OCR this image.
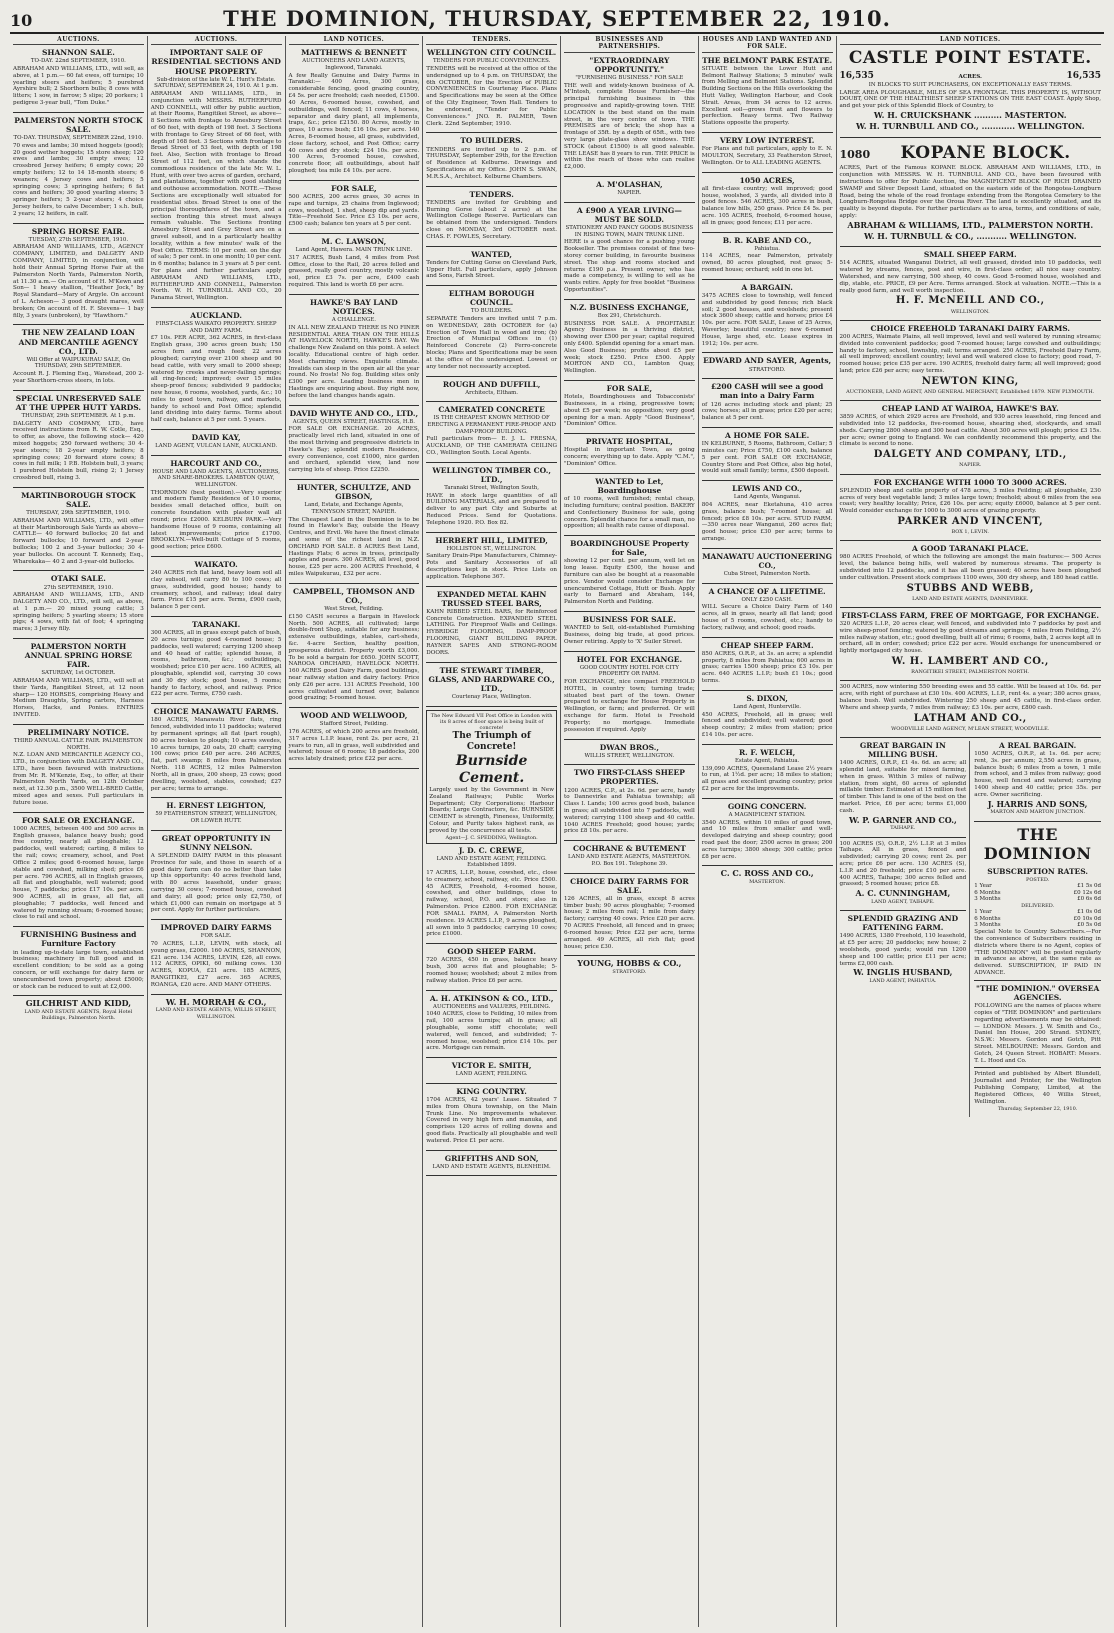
10	THE DOMINION, THURSDAY, SEPTEMBER 22, 1910.
AUCTIONS.
SHANNON SALE.
TO-DAY. 22nd SEPTEMBER, 1910.
ABRAHAM AND WILLIAMS, LTD., will sell, as above, at 1 p.m.— 60 fat ewes, off turnips; 10 yearling steers and heifers; 5 purebred Ayrshire bull; 2 Shorthorn bulls; 8 cows with litters; 1 sow, in farrow; 5 slips; 20 porkers; 1 pedigree 3-year bull, "Tom Duke."
PALMERSTON NORTH STOCK SALE.
TO-DAY. THURSDAY, SEPTEMBER 22nd, 1910.
70 ewes and lambs; 30 mixed hoggets (good); 20 good wether hoggets; 15 store sheep; 120 ewes and lambs; 30 empty ewes; 12 crossbred Jersey heifers; 6 empty cows; 20 empty heifers; 12 to 14 18-month steers; 6 weaners; 4 Jersey cows and heifers; 5 springing cows; 3 springing heifers; 6 fat cows and heifers; 30 good yearling steers; 5 springer heifers; 5 2-year steers; 4 choice Jersey heifers, to calve December; 1 s.h. bull, 2 years; 12 heifers, in calf.
SPRING HORSE FAIR.
TUESDAY, 27th SEPTEMBER, 1910.
ABRAHAM AND WILLIAMS, LTD., AGENCY COMPANY, LIMITED, and DALGETY AND COMPANY, LIMITED, in conjunction, will hold their Annual Spring Horse Fair at the Palmerston North Yards, Palmerston North, at 11.30 a.m.— On account of H. M'Kewn and Son— 1 heavy stallion, "Heather Jock," by Royal Standard—Mary of Argyle. On account of L. Acheson— 3 good draught mares, well broken; On account of H. F. Stevens— 1 bay filly, 3 years (unbroken), by "Hawthorn."
THE NEW ZEALAND LOAN AND MERCANTILE AGENCY CO., LTD.
Will Offer at WAIPUKURAU SALE, On THURSDAY, 29th SEPTEMBER.
Account R. J. Fleming Esq., Wanstead, 200 2-year Shorthorn-cross steers, in lots.
SPECIAL UNRESERVED SALE AT THE UPPER HUTT YARDS.
THURSDAY, 29th SEPTEMBER. At 1 p.m.
DALGETY AND COMPANY, LTD., have received instructions from R. W. Cotle, Esq., to offer, as above, the following stock— 420 mixed hoggets; 250 forward wethers; 30 4-year steers; 18 2-year empty heifers; 8 springing cows; 20 forward store cows; 8 cows in full milk; 1 P.B. Holstein bull, 3 years; 1 purebred Holstein bull, rising 2; 1 Jersey crossbred bull, rising 3.
MARTINBOROUGH STOCK SALE.
THURSDAY, 29th SEPTEMBER, 1910.
ABRAHAM AND WILLIAMS, LTD., will offer at their Martinborough Sale Yards as above— CATTLE— 40 forward bullocks; 20 fat and forward bullocks; 10 forward and 2-year bullocks; 100 2 and 3-year bullocks; 30 4-year bullocks. On account T. Kennedy, Esq., Wharekaka— 40 2 and 3-year-old bullocks.
OTAKI SALE.
27th SEPTEMBER, 1910.
ABRAHAM AND WILLIAMS, LTD., AND DALGETY AND CO., LTD., will sell, as above, at 1 p.m.— 20 mixed young cattle; 3 springing heifers; 5 yearling steers; 15 store pigs; 4 sows, with fat of foot; 4 springing mares; 3 Jersey filly.
PALMERSTON NORTH ANNUAL SPRING HORSE FAIR.
SATURDAY, 1st OCTOBER.
ABRAHAM AND WILLIAMS, LTD., will sell at their Yards, Rangitikei Street, at 12 noon sharp— 120 HORSES, comprising Heavy and Medium Draughts, Spring carters, Harness Horses, Hacks, and Ponies. ENTRIES INVITED.
PRELIMINARY NOTICE.
THIRD ANNUAL CATTLE FAIR. PALMERSTON NORTH.
N.Z. LOAN AND MERCANTILE AGENCY CO., LTD., in conjunction with DALGETY AND CO., LTD., have been favoured with instructions from Mr. R. M'Kenzie, Esq., to offer, at their Palmerston North Yards, on 12th October next, at 12.30 p.m., 3500 WELL-BRED Cattle, mixed ages and sexes. Full particulars in future issue.
FOR SALE OR EXCHANGE.
1000 ACRES, between 400 and 500 acres in English grasses, balance heavy bush; good free country, nearly all ploughable; 12 paddocks, well watered; carting, 8 miles to the rail; cows; creamery, school, and Post Office 2 miles; good 6-roomed house, large stable and cowshed, milking shed; price £6 per acre. 796 ACRES, all in English grasses, all flat and ploughable, well watered; good house, 7 paddocks; price £17 10s. per acre. 900 ACRES, all in grass, all flat, all ploughable; 7 paddocks, well fenced and watered by running stream; 6-roomed house; close to rail and school.
FURNISHING Business and Furniture Factory
in leading up-to-date large town, established business; machinery in full good and in excellent condition; to be sold as a going concern, or will exchange for dairy farm or unencumbered town property; about £5000; or stock can be reduced to suit at £2,000.
GILCHRIST AND KIDD,
LAND AND ESTATE AGENTS, Royal Hotel Buildings, Palmerston North.
AUCTIONS.
IMPORTANT SALE OF RESIDENTIAL SECTIONS AND HOUSE PROPERTY.
Sub-division of the late W. L. Hunt's Estate. SATURDAY, SEPTEMBER 24, 1910. At 1 p.m.
ABRAHAM AND WILLIAMS, LTD., in conjunction with MESSRS. RUTHERFURD AND CONNELL, will offer by public auction, at their Rooms, Rangitikei Street, as above— 8 Sections with frontage to Amesbury Street of 60 feet, with depth of 198 feet. 3 Sections with frontage to Grey Street of 66 feet, with depth of 168 feet. 3 Sections with frontage to Broad Street of 53 feet, with depth of 198 feet. Also, Section with frontage to Broad Street of 112 feet, on which stands the commodious residence of the late Mr. W. L. Hunt, with over two acres of garden, orchard, and plantations, together with good stabling and outhouse accommodation. NOTE.—These Sections are exceptionally well situated for residential sites. Broad Street is one of the principal thoroughfares of the town, and a section fronting this street must always remain valuable. The Sections fronting Amesbury Street and Grey Street are on a gravel subsoil, and in a particularly healthy locality, within a few minutes' walk of the Post Office. TERMS: 10 per cent. on the day of sale; 5 per cent. in one month; 10 per cent. in 6 months; balance in 3 years at 5 per cent. For plans and further particulars apply ABRAHAM AND WILLIAMS, LTD., RUTHERFURD AND CONNELL, Palmerston North. W. H. TURNBULL AND CO., 20 Panama Street, Wellington.
AUCKLAND.
FIRST-CLASS WAIKATO PROPERTY. SHEEP AND DAIRY FARM.
£7 10s. PER ACRE, 362 ACRES, in first-class English grass, 390 acres green bush; 150 acres fern and rough feed; 22 acres ploughed; carrying over 2100 sheep and 90 head cattle, with very small to 2000 sheep; watered by creeks and never-failing springs; all ring-fenced; improved; over 15 miles sheep-proof fences; subdivided 9 paddocks; new house, 6 rooms, woolshed, yards, &c.; 10 miles to good town, railway, and markets, handy to school and Post Office; splendid land dividing into dairy farms. Terms about half cash, balance at 5 per cent. 5 years.
DAVID KAY,
LAND AGENT, VULCAN LANE, AUCKLAND.
HARCOURT AND CO.,
HOUSE AND LAND AGENTS, AUCTIONEERS, AND SHARE-BROKERS. LAMBTON QUAY, WELLINGTON.
THORNDON (best position).—Very superior and modern Family Residence of 10 rooms, besides small detached office, built on concrete foundation with plaster wall all round; price £2000. KELBURN PARK.—Very handsome House of 9 rooms, containing all latest improvements; price £1700. BROOKLYN.—Well-built Cottage of 5 rooms, good section; price £600.
WAIKATO.
240 ACRES rich flat land, heavy loam soil all clay subsoil, will carry 80 to 100 cows; all grass, subdivided, good house; handy to creamery, school, and railway; ideal dairy farm. Price £15 per acre. Terms, £900 cash, balance 5 per cent.
TARANAKI.
300 ACRES, all in grass except patch of bush, 20 acres turnips; good 4-roomed house; 5 paddocks, well watered; carrying 1200 sheep and 40 head of cattle; splendid house, 8 rooms, bathroom, &c.; outbuildings, woolshed; price £10 per acre. 160 ACRES, all ploughable, splendid soil, carrying 30 cows and 30 dry stock; good house, 5 rooms; handy to factory, school, and railway. Price £22 per acre. Terms, £750 cash.
CHOICE MANAWATU FARMS.
180 ACRES, Manawatu River flats, ring fenced, subdivided into 11 paddocks; watered by permanent springs; all flat (part rough), 80 acres broken to plough; 10 acres swedes, 10 acres turnips, 20 oats, 20 chaff; carrying 100 cows; price £40 per acre. 246 ACRES, flat, part swamp; 8 miles from Palmerston North. 118 ACRES, 12 miles Palmerston North, all in grass, 200 sheep, 25 cows; good dwelling, woolshed, stables, cowshed; £27 per acre; terms to arrange.
H. ERNEST LEIGHTON,
59 FEATHERSTON STREET, WELLINGTON, OR LOWER HUTT.
GREAT OPPORTUNITY IN SUNNY NELSON.
A SPLENDID DAIRY FARM in this pleasant Province for sale, and those in search of a good dairy farm can do no better than take up this opportunity: 40 acres freehold land, with 80 acres leasehold, under grass; carrying 30 cows; 7-roomed house, cowshed and dairy; all good; price only £2,750, of which £1,000 can remain on mortgage at 5 per cent. Apply for further particulars.
IMPROVED DAIRY FARMS
FOR SALE.
70 ACRES, L.I.P., LEVIN, with stock, all young grass, £2000. 160 ACRES, SHANNON, £21 acre. 134 ACRES, LEVIN, £26, all cows. 112 ACRES, OPIKI, 60 milking cows. 130 ACRES, KOPUA, £21 acre. 185 ACRES, RANGITIKEI, £27 acre. 365 ACRES, ROANGA, £20 acre. AND MANY OTHERS.
W. H. MORRAH & CO.,
LAND AND ESTATE AGENTS, WILLIS STREET, WELLINGTON.
LAND NOTICES.
MATTHEWS & BENNETT
AUCTIONEERS AND LAND AGENTS, Inglewood, Taranaki.
A few Really Genuine and Dairy Farms in Taranaki:— 400 Acres, 300 grass, considerable fencing, good grazing country, £4 5s. per acre freehold; cash needed, £1500. 40 Acres, 6-roomed house, cowshed, and outbuildings, well fenced; 11 cows, 4 horses, separator and dairy plant, all implements, traps, &c.; price £2150. 80 Acres, mostly in grass, 10 acres bush; £16 10s. per acre. 140 Acres, 8-roomed house, all grass, subdivided, close factory, school, and Post Office; carry 40 cows and dry stock; £24 10s. per acre. 100 Acres, 5-roomed house, cowshed, concrete floor, all outbuildings, about half ploughed; tea mile £4 10s. per acre.
FOR SALE,
500 ACRES, 200 acres grass, 30 acres in rape and turnips, 25 chains from Inglewood; cows, woolshed, 1 shed, sheep dip and yards. Title—Freehold Sec. Price £3 10s. per acre, £500 cash; balance ten years at 5 per cent.
M. C. LAWSON,
Land Agent, Hawera. MAIN TRUNK LINE.
317 ACRES, Bush Land, 4 miles from Post Office, close to the Rail, 20 acres felled and grassed, really good country, mostly volcanic soil, price £3 7s. per acre, £400 cash required. This land is worth £6 per acre.
HAWKE'S BAY LAND NOTICES.
A CHALLENGE.
IN ALL NEW ZEALAND THERE IS NO FINER RESIDENTIAL AREA THAN ON THE HILLS AT HAVELOCK NORTH, HAWKE'S BAY. We challenge New Zealand on this point. A select locality. Educational centre of high order. Most charming views. Exquisite climate. Invalids can sleep in the open air all the year round. No frosts! No fog. Building sites only £300 per acre. Leading business men in Hastings are enquiring about. Buy right now, before the land changes hands again.
DAVID WHYTE AND CO., LTD.,
AGENTS, QUEEN STREET, HASTINGS, H.B.
FOR SALE OR EXCHANGE. 20 ACRES, practically level rich land, situated in one of the most thriving and progressive districts in Hawke's Bay; splendid modern Residence, every convenience, cost £1000, nice garden and orchard, splendid view, land now carrying lots of sheep. Price £2250.
HUNTER, SCHULTZE, AND GIBSON,
Land, Estate, and Exchange Agents, TENNYSON STREET, NAPIER.
The Cheapest Land in the Dominion is to be found in Hawke's Bay, outside the Heavy Centres, and Ervil. We have the finest climate and some of the richest land in N.Z. ORCHARD FOR SALE. 8 ACRES Best Land, Hastings Flats; 6 acres in trees, principally apples and pears. 300 ACRES, all level, good house, £25 per acre. 200 ACRES Freehold, 4 miles Waipukurau, £32 per acre.
CAMPBELL, THOMSON AND CO.,
West Street, Feilding.
£150 CASH secures a Bargain in Havelock North. 500 ACRES, all cultivated; large double-front Shop, suitable for any business; extensive outbuildings, stables, cart-sheds, &c. 4-acre Section, healthy position, prosperous district. Property worth £3,000. To be sold a bargain for £650. JOHN SCOTT, NAROOA ORCHARD, HAVELOCK NORTH. 160 ACRES good Dairy Farm, good buildings, near railway station and dairy factory. Price only £26 per acre. 131 ACRES Freehold, 100 acres cultivated and turned over, balance good grazing; 5-roomed house.
WOOD AND WELLWOOD,
Stafford Street, Feilding.
176 ACRES, of which 200 acres are freehold, 317 acres L.I.P. lease, rent 2s. per acre, 21 years to run, all in grass, well subdivided and watered; house of 6 rooms; 18 paddocks, 200 acres lately drained; price £22 per acre.
TENDERS.
WELLINGTON CITY COUNCIL.
TENDERS FOR PUBLIC CONVENIENCES.
TENDERS will be received at the office of the undersigned up to 4 p.m. on THURSDAY, the 6th OCTOBER, for the Erection of PUBLIC CONVENIENCES in Courtenay Place. Plans and Specifications may be seen at the Office of the City Engineer, Town Hall. Tenders to be endorsed, "Tender for Public Conveniences." JNO. R. PALMER, Town Clerk. 22nd September, 1910.
TO BUILDERS.
TENDERS are invited up to 2 p.m. of THURSDAY, September 29th, for the Erection of Residence at Kelburne. Drawings and Specifications at my Office. JOHN S. SWAN, M.R.S.A., Architect. Kelburne Chambers.
TENDERS.
TENDERS are invited for Grubbing and Burning Gorse (about 2 acres) at the Wellington College Reserve. Particulars can be obtained from the undersigned. Tenders close on MONDAY, 3rd OCTOBER next. CHAS. F. FOWLES, Secretary.
WANTED,
Tenders for Cutting Gorse on Cleveland Park, Upper Hutt. Full particulars, apply Johnson and Sons, Farish Street.
ELTHAM BOROUGH COUNCIL.
TO BUILDERS.
SEPARATE Tenders are invited until 7 p.m. on WEDNESDAY, 28th OCTOBER for (a) Erection of Town Hall in wood and iron; (b) Erection of Municipal Offices in (1) Reinforced Concrete (2) Ferro-concrete blocks; Plans and Specifications may be seen at the office of the undersigned. Lowest or any tender not necessarily accepted.
ROUGH AND DUFFILL,
Architects, Eltham.
CAMERATED CONCRETE
IS THE CHEAPEST KNOWN METHOD OF ERECTING A PERMANENT FIRE-PROOF AND DAMP-PROOF BUILDING.
Full particulars from— E. J. L. FRESNA, AUCKLAND, OF THE CAMERATA CEILING CO., Wellington South. Local Agents.
WELLINGTON TIMBER CO., LTD.,
Taranaki Street, Wellington South,
HAVE in stock large quantities of all BUILDING MATERIALS, and are prepared to deliver to any part City and Suburbs at Reduced Prices. Send for Quotations. Telephone 1920. P.O. Box 82.
HERBERT HILL, LIMITED,
HOLLISTON ST., WELLINGTON.
Sanitary Drain-Pipe Manufacturers, Chimney-Pots and Sanitary Accessories of all descriptions kept in stock. Price Lists on application. Telephone 367.
EXPANDED METAL KAHN TRUSSED STEEL BARS,
KAHN RIBBED STEEL BARS, for Reinforced Concrete Construction. EXPANDED STEEL LATHING. For Fireproof Walls and Ceilings. HYBRIDGE FLOORING, DAMP-PROOF FLOORING, GIANT BUILDING PAPER. RAYNER SAFES AND STRONG-ROOM DOORS.
THE STEWART TIMBER, GLASS, AND HARDWARE CO., LTD.,
Courtenay Place, Wellington.
The New Edward VII Post Office in London with its 8 acres of floor space is being built of concrete!
The Triumph of Concrete!
Burnside Cement.
Largely used by the Government in New Zealand Railways; Public Works Department; City Corporations; Harbour Boards; Large Contractors, &c. BURNSIDE CEMENT is strength, Fineness, Uniformity, Colour, and Purity takes highest rank, as proved by the concurrence all tests.
Agent—J. C. SPEDDING, Wellington.
J. D. C. CREWE,
LAND AND ESTATE AGENT, FEILDING. Established 1899.
17 ACRES, L.I.P., house, cowshed, etc., close to creamery, school, railway, etc. Price £500. 45 ACRES, Freehold, 4-roomed house, cowshed, and other buildings, close to railway, school, P.O. and store; also in Palmerston. Price £2800. FOR EXCHANGE FOR SMALL FARM, A Palmerston North residence. 19 ACRES L.I.P., 9 acres ploughed, all sown into 5 paddocks; carrying 10 cows; price £1000.
GOOD SHEEP FARM.
720 ACRES, 450 in grass, balance heavy bush, 300 acres flat and ploughable; 5-roomed house; woolshed; about 2 miles from railway station. Price £6 per acre.
A. H. ATKINSON & CO., LTD.,
AUCTIONEERS and VALUERS, FEILDING.
1040 ACRES, close to Feilding, 10 miles from rail, 100 acres turnips; all in grass; all ploughable, some stiff chocolate; well watered, well fenced, and subdivided; 7-roomed house, woolshed; price £14 10s. per acre. Mortgage can remain.
VICTOR E. SMITH,
LAND AGENT, FEILDING.
KING COUNTRY.
1704 ACRES, 42 years' Lease. Situated 7 miles from Ohura township, on the Main Trunk Line. No improvements whatever. Covered in very high fern and manuka, and comprises 120 acres of rolling downs and good flats. Practically all ploughable and well watered. Price £1 per acre.
GRIFFITHS AND SON,
LAND AND ESTATE AGENTS, BLENHEIM.
BUSINESSES AND PARTNERSHIPS.
"EXTRAORDINARY OPPORTUNITY."
"FURNISHING BUSINESS." FOR SALE
THE well and widely-known business of A. M'Intosh, complete House Furnisher—the principal furnishing business in this progressive and rapidly-growing town. THE LOCATION is the best stand on the main street, in the very centre of town. THE PREMISES are of brick; the shop has a frontage of 35ft. by a depth of 65ft., with two very large plate-glass show windows. THE STOCK (about £1500) is all good saleable. THE LEASE has 8 years to run. THE PRICE is within the reach of those who can realise £2,000.
A. M'OLASHAN,
NAPIER.
A £900 A YEAR LIVING—MUST BE SOLD.
STATIONERY AND FANCY GOODS BUSINESS IN RISING TOWN, MAIN TRUNK LINE.
HERE is a good chance for a pushing young Bookseller. The premises consist of fine two-storey corner building, in favourite business street. The shop and rooms stocked and returns £190 p.a. Present owner, who has made a competency, is willing to sell as he wants retire. Apply for free booklet "Business Opportunities".
N.Z. BUSINESS EXCHANGE,
Box 291, Christchurch.
BUSINESS FOR SALE. A PROFITABLE Agency Business in a thriving district, showing over £500 per year; capital required only £400. Splendid opening for a smart man. Also Good Business; profits about £5 per week; stock £250. Price £500. Apply MORTON AND CO., Lambton Quay, Wellington.
FOR SALE,
Hotels, Boardinghouses and Tobacconists' Businesses, in a rising, progressive town; about £5 per week; no opposition; very good opening for a man. Apply "Good Business", "Dominion" Office.
PRIVATE HOSPITAL,
Hospital in important Town, as going concern; everything up to date. Apply "C.M.", "Dominion" Office.
WANTED to Let, Boardinghouse
of 10 rooms, well furnished; rental cheap, including furniture; central position. BAKERY and Confectionery Business for sale, going concern. Splendid chance for a small man, no opposition; all health rate cause of disposal.
BOARDINGHOUSE Property for Sale,
showing 12 per cent. per annum, well let on long lease. Equity £500, the house and furniture can also be bought at a reasonable price. Vendor would consider Exchange for unencumbered Cottage, Hutt or Bush. Apply early to Barnard and Abraham, 144, Palmerston North and Feilding.
BUSINESS FOR SALE.
WANTED to Sell, old-established Furnishing Business, doing big trade, at good prices. Owner retiring. Apply to 'X' Suiler Street.
HOTEL FOR EXCHANGE.
GOOD COUNTRY HOTEL FOR CITY PROPERTY OR FARM.
FOR EXCHANGE, nice compact FREEHOLD HOTEL, in country town; turning trade; situated best part of the town. Owner prepared to exchange for House Property in Wellington, or farm; and preferred. Or will exchange for farm. Hotel is Freehold Property; no mortgage. Immediate possession if required. Apply
DWAN BROS.,
WILLIS STREET, WELLINGTON.
TWO FIRST-CLASS SHEEP PROPERTIES.
1200 ACRES, C.P., at 2s. 6d. per acre, handy to Dannevirke and Pahiatua township; all Class I. Lands; 100 acres good bush, balance in grass; all subdivided into 7 paddocks, well watered; carrying 1100 sheep and 40 cattle. 1040 ACRES Freehold; good house; yards; price £8 10s. per acre.
COCHRANE & BUTEMENT
LAND AND ESTATE AGENTS, MASTERTON. P.O. Box 191. Telephone 39.
CHOICE DAIRY FARMS FOR SALE.
126 ACRES, all in grass, except 8 acres timber bush; 90 acres ploughable; 7-roomed house; 2 miles from rail; 1 mile from dairy factory; carrying 40 cows. Price £20 per acre. 70 ACRES Freehold, all fenced and in grass; 6-roomed house; Price £22 per acre, terms arranged. 49 ACRES, all rich flat; good house; price £30.
YOUNG, HOBBS & CO.,
STRATFORD.
HOUSES AND LAND WANTED AND FOR SALE.
THE BELMONT PARK ESTATE.
SITUATE between the Lower Hutt and Belmont Railway Stations; 5 minutes' walk from Melling and Belmont Stations. Splendid Building Sections on the Hills overlooking the Hutt Valley, Wellington Harbour, and Cook Strait. Areas, from 34 acres to 12 acres. Excellent soil—grows fruit and flowers to perfection. Reasy terms. Two Railway Stations opposite the property.
VERY LOW INTEREST.
For Plans and full particulars, apply to E. N. MOULTON, Secretary, 33 Featherston Street, Wellington. Or to ALL LEADING AGENTS.
1050 ACRES,
all first-class country; well improved; good house, woolshed, 3 yards, all divided into 8 good fences. 546 ACRES, 300 acres in bush, balance low hills, 250 grass. Price £4 5s. per acre. 105 ACRES, freehold, 6-roomed house, all in grass; good fences; £11 per acre.
B. R. KABE AND CO.,
Pahiatua.
114 ACRES, near Palmerston, privately owned, 80 acres ploughed, rest grass; 5-roomed house; orchard; sold in one lot.
A BARGAIN.
3475 ACRES close to township, well fenced and subdivided by good fences; rich black soil; 2 good houses, and woolsheds; present stock 3600 sheep; cattle and horses; price £4 10s. per acre. FOR SALE, Lease of 25 Acres, Waverley; beautiful country; new 6-roomed House, large shed, etc. Lease expires in 1912; 10s. per acre.
EDWARD AND SAYER, Agents,
STRATFORD.
£200 CASH will see a good man into a Dairy Farm
of 126 acres including stock and plant; 25 cows; horses; all in grass; price £20 per acre; balance at 5 per cent.
A HOME FOR SALE.
IN KELBURNE, 5 Rooms, Bathroom, Cellar; 5 minutes car; Price £750, £100 cash, balance 5 per cent. FOR SALE OR EXCHANGE, Country Store and Post Office, also big hotel, would suit small family; terms, £500 deposit.
LEWIS AND CO.,
Land Agents, Wanganui.
804 ACRES, near Eketahuna, 410 acres grass, balance bush; 7-roomed house; all fenced; price £8 10s. per acre. STUD FARM.—350 acres near Wanganui, 260 acres flat; good house; price £30 per acre; terms to arrange.
MANAWATU AUCTIONEERING CO.,
Cuba Street, Palmerston North.
A CHANCE OF A LIFETIME.
ONLY £250 CASH.
WILL Secure a Choice Dairy Farm of 140 acres, all in grass, nearly all flat land; good house of 5 rooms, cowshed, etc.; handy to factory, railway, and school; good roads.
CHEAP SHEEP FARM.
850 ACRES, O.R.P., at 3s. an acre; a splendid property, 8 miles from Pahiatua; 600 acres in grass; carries 1500 sheep; price £3 10s. per acre. 640 ACRES L.I.P.; bush £1 10s.; good terms.
S. DIXON,
Land Agent, Hunterville.
450 ACRES, Freehold, all in grass; well fenced and subdivided; well watered; good sheep country; 2 miles from station; price £14 10s. per acre.
R. F. WELCH,
Estate Agent, Pahiatua.
139,090 ACRES, Queensland Lease 2½ years to run, at 1½d. per acre; 18 miles to station; all grass and excellent grazing country; price £2 per acre for the improvements.
GOING CONCERN.
A MAGNIFICENT STATION.
3540 ACRES, within 10 miles of good town, and 10 miles from smaller and well-developed dairying and sheep country; good road past the door; 2500 acres in grass; 200 acres turnips; 3800 sheep; 300 cattle; price £8 per acre.
C. C. ROSS AND CO.,
MASTERTON.
LAND NOTICES.
CASTLE POINT ESTATE.
16,535	ACRES.	16,535
IN BLOCKS TO SUIT PURCHASERS, ON EXCEPTIONALLY EASY TERMS.
LARGE AREA PLOUGHABLE, MILES OF SEA FRONTAGE. THIS PROPERTY IS, WITHOUT DOUBT, ONE OF THE HEALTHIEST SHEEP STATIONS ON THE EAST COAST. Apply Shop, and get your pick of this Splendid Block of Country, to
W. H. CRUICKSHANK .......... MASTERTON.
W. H. TURNBULL AND CO., ............ WELLINGTON.
1080	KOPANE BLOCK.
ACRES, Part of the Famous KOPANE BLOCK. ABRAHAM AND WILLIAMS, LTD., in conjunction with MESSRS. W. H. TURNBULL AND CO., have been favoured with instructions to offer for Public Auction, the MAGNIFICENT BLOCK OF RICH DRAINED SWAMP and Silver Deposit Land, situated on the eastern side of the Rongotea-Longburn Road, being the whole of the road frontage extending from the Rongotea Cemetery to the Longburn-Rongotea Bridge over the Oroua River. The land is excellently situated, and its quality is beyond dispute. For further particulars as to area, terms, and conditions of sale, apply:
ABRAHAM & WILLIAMS, LTD., PALMERSTON NORTH.
W. H. TURNBULL & CO., ........... WELLINGTON.
SMALL SHEEP FARM.
514 ACRES, situated Wanganui District, all well grassed, divided into 10 paddocks, well watered by streams, fences, post and wire, in first-class order; all nice easy country. Watershed, and new carrying, 500 sheep, 40 cows. Good 5-roomed house, woolshed and dip, stable, etc. PRICE, £9 per Acre. Terms arranged. Stock at valuation. NOTE.—This is a really good farm, and well worth inspection.
H. F. McNEILL AND CO.,
WELLINGTON.
CHOICE FREEHOLD TARANAKI DAIRY FARMS.
200 ACRES, Waimate Plains, all well improved, level and well watered by running streams; divided into convenient paddocks; good 7-roomed house; large cowshed and outbuildings; handy to factory, school, township, rail; terms arranged. 250 ACRES, Freehold Dairy Farm, all well improved; excellent country; level and well watered close to factory; good road, 7-roomed house; price £35 per acre. 190 ACRES, freehold dairy farm; all well improved; good land; price £26 per acre; easy terms.
NEWTON KING,
AUCTIONEER, LAND AGENT, AND GENERAL MERCHANT, Established 1879. NEW PLYMOUTH.
CHEAP LAND AT WAIROA, HAWKE'S BAY.
3859 ACRES, of which 2929 acres are Freehold, and 930 acres leasehold, ring fenced and subdivided into 12 paddocks, five-roomed house, shearing shed, stockyards, and small sheds. Carrying 2800 sheep and 300 head cattle. About 300 acres will plough; price £3 15s. per acre; owner going to England. We can confidently recommend this property, and the climate is second to none.
DALGETY AND COMPANY, LTD.,
NAPIER.
FOR EXCHANGE WITH 1000 TO 3000 ACRES.
SPLENDID sheep and cattle property of 478 acres, 3 miles Feilding; all ploughable, 230 acres of very best vegetable land; 3 miles large town; freehold; about 6 miles from the sea coast; very healthy locality; Price, £26 10s. per acre; equity £6000, balance at 5 per cent. Would consider exchange for 1000 to 3000 acres of grazing property.
PARKER AND VINCENT,
BOX 1, LEVIN.
A GOOD TARANAKI PLACE.
980 ACRES Freehold, of which the following are amongst the main features:— 500 Acres level, the balance being hills, well watered by numerous streams. The property is subdivided into 12 paddocks, and it has all been grassed; 40 acres have been ploughed under cultivation. Present stock comprises 1100 ewes, 300 dry sheep, and 180 head cattle.
STUBBS AND WEBB,
LAND AND ESTATE AGENTS, DANNEVIRKE.
FIRST-CLASS FARM, FREE OF MORTGAGE, FOR EXCHANGE.
320 ACRES L.I.P., 20 acres clear, well fenced, and subdivided into 7 paddocks by post and wire sheep-proof fencing; watered by good streams and springs; 4 miles from Feilding, 2½ miles railway station, etc.; good dwelling, built all of rimu; 6 rooms, bath, 2 acres kept all in orchard, all in order; cowshed; price £22 per acre. Would exchange for unencumbered or lightly mortgaged city house.
W. H. LAMBERT AND CO.,
RANGITIKEI STREET, PALMERSTON NORTH.
300 ACRES, now wintering 550 breeding ewes and 55 cattle. Will be leased at 10s. 6d. per acre, with right of purchase at £30 10s. 400 ACRES, L.I.P., rent 4s. a year; 380 acres grass, balance bush. Well subdivided. Wintering 250 sheep and 45 cattle, in first-class order. Where and sheep yards, 7 miles from railway; £3 10s. per acre, £800 cash.
LATHAM AND CO.,
WOODVILLE LAND AGENCY, M'LEAN STREET, WOODVILLE.
GREAT BARGAIN IN MILLING BUSH.
1400 ACRES, O.R.P., £1 4s. 6d. an acre; all splendid land, suitable for mixed farming, when in grass. Within 3 miles of railway station, from sight, 60 acres of splendid millable timber. Estimated at 15 million feet of timber. This land is one of the best on the market. Price, £6 per acre; terms £1,000 cash.
W. P. GARNER AND CO.,
TAIHAPE.
100 ACRES (S), O.R.P., 2½ L.I.P. at 3 miles Taihape. All in grass, fenced and subdivided; carrying 20 cows; rent 2s. per acre; price £6 per acre. 130 ACRES (S), L.I.P. and 20 freehold; price £10 per acre. 400 ACRES, Taihape; 300 acres felled and grassed; 5 roomed house; price £8.
A. C. CUNNINGHAM,
LAND AGENT, TAIHAPE.
SPLENDID GRAZING AND FATTENING FARM.
1490 ACRES, 1380 Freehold, 110 leasehold, at £5 per acre; 20 paddocks; new house; 2 woolsheds, good yards; would run 1200 sheep and 100 cattle; price £11 per acre; terms £2,000 cash.
W. INGLIS HUSBAND,
LAND AGENT, PAHIATUA.
A REAL BARGAIN.
1050 ACRES, O.R.P., at 1s. 6d. per acre; rent, 3s. per annum; 2,550 acres in grass, balance bush; 6 miles from a town, 1 mile from school, and 3 miles from railway; good house, well fenced and watered; carrying 1400 sheep and 40 cattle; price 35s. per acre. Owner sacrificing.
J. HARRIS AND SONS,
MARTON AND MARTON JUNCTION.
THE DOMINION
SUBSCRIPTION RATES.
POSTED.
1 Year	£1 5s 0d
6 Months	£0 12s 6d
3 Months	£0 6s 6d
DELIVERED.
1 Year	£1 0s 0d
6 Months	£0 10s 0d
3 Months	£0 5s 0d
Special Note to Country Subscribers.—For the convenience of Subscribers residing in districts where there is no Agent, copies of "THE DOMINION" will be posted regularly in advance as above, at the same rate as delivered. SUBSCRIPTION, IF PAID IN ADVANCE.
"THE DOMINION." OVERSEA AGENCIES.
FOLLOWING are the names of places where copies of "THE DOMINION" and particulars regarding advertisements may be obtained:— LONDON: Messrs. J. W. Smith and Co., Daniel Inn House, 200 Strand. SYDNEY, N.S.W.: Messrs. Gordon and Gotch, Pitt Street. MELBOURNE: Messrs. Gordon and Gotch, 24 Queen Street. HOBART: Messrs. T. L. Hood and Co.
Printed and published by Albert Blundell, Journalist and Printer, for the Wellington Publishing Company, Limited, at the Registered Offices, 40 Willis Street, Wellington.
Thursday, September 22, 1910.
